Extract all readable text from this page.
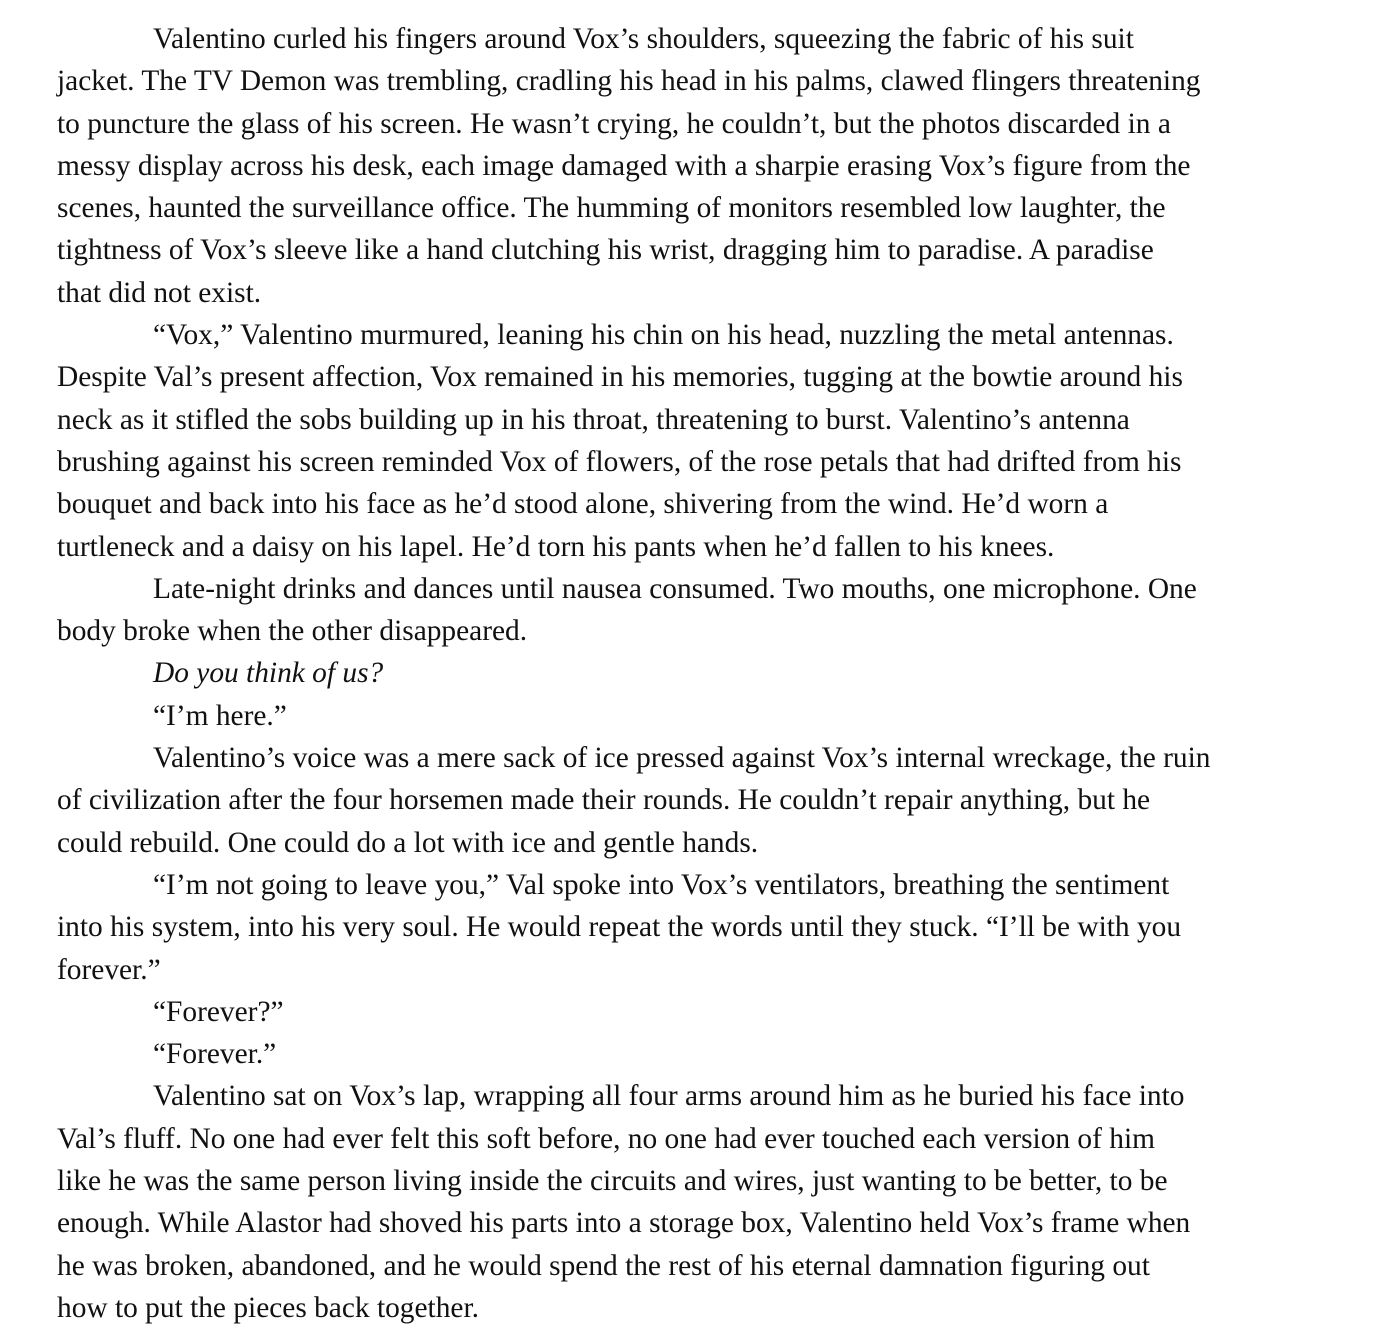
Valentino curled his fingers around Vox’s shoulders, squeezing the fabric of his suit
jacket. The TV Demon was trembling, cradling his head in his palms, clawed flingers threatening
to puncture the glass of his screen. He wasn’t crying, he couldn’t, but the photos discarded in a
messy display across his desk, each image damaged with a sharpie erasing Vox’s figure from the
scenes, haunted the surveillance office. The humming of monitors resembled low laughter, the
tightness of Vox’s sleeve like a hand clutching his wrist, dragging him to paradise. A paradise
that did not exist.

“Vox,” Valentino murmured, leaning his chin on his head, nuzzling the metal antennas.
Despite Val’s present affection, Vox remained in his memories, tugging at the bowtie around his
neck as it stifled the sobs building up in his throat, threatening to burst. Valentino’s antenna
brushing against his screen reminded Vox of flowers, of the rose petals that had drifted from his
bouquet and back into his face as he’d stood alone, shivering from the wind. He’d worn a
turtleneck and a daisy on his lapel. He’d torn his pants when he’d fallen to his knees.

Late-night drinks and dances until nausea consumed. Two mouths, one microphone. One
body broke when the other disappeared.

Do you think of us?

“I’m here.”

Valentino’s voice was a mere sack of ice pressed against Vox’s internal wreckage, the ruin
of civilization after the four horsemen made their rounds. He couldn’t repair anything, but he
could rebuild. One could do a lot with ice and gentle hands.

“I’m not going to leave you,” Val spoke into Vox’s ventilators, breathing the sentiment
into his system, into his very soul. He would repeat the words until they stuck. “I’ll be with you
forever.”

“Forever?”

“Forever.”

Valentino sat on Vox’s lap, wrapping all four arms around him as he buried his face into
Val’s fluff. No one had ever felt this soft before, no one had ever touched each version of him
like he was the same person living inside the circuits and wires, just wanting to be better, to be
enough. While Alastor had shoved his parts into a storage box, Valentino held Vox’s frame when
he was broken, abandoned, and he would spend the rest of his eternal damnation figuring out
how to put the pieces back together.
